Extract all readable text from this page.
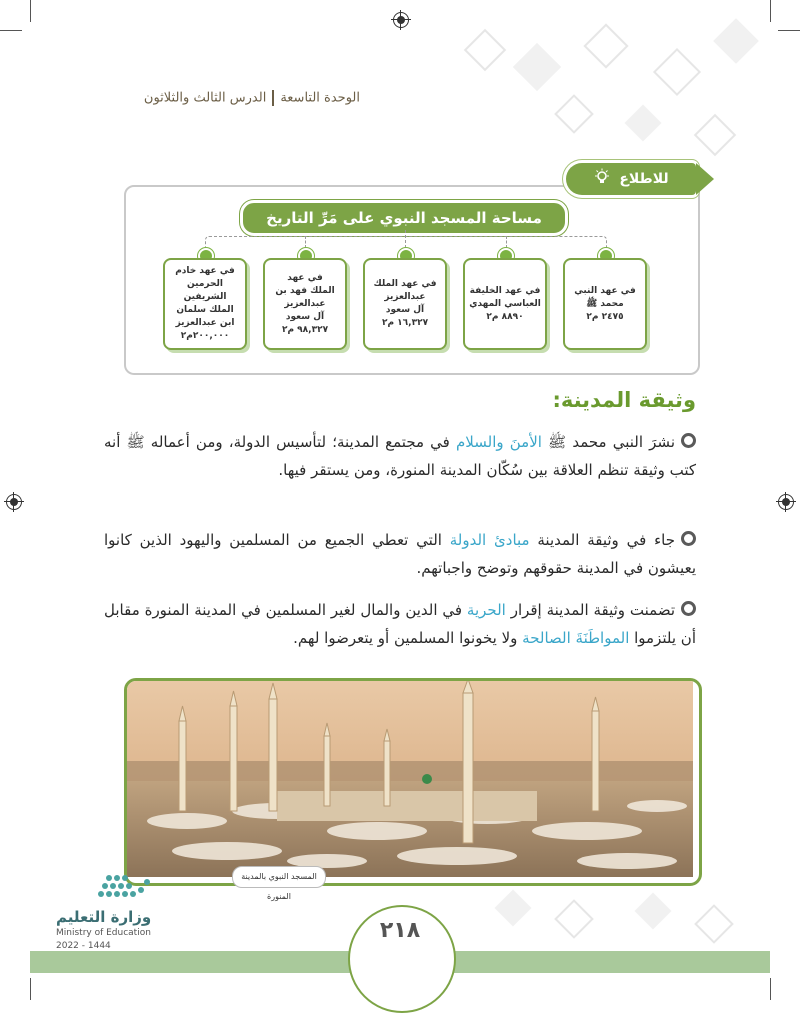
الوحدة التاسعةالدرس الثالث والثلاثون
للاطلاع
مساحة المسجد النبوي على مَرِّ التاريخ
في عهد النبي
محمد ﷺ
٢٤٧٥ م٢
في عهد الخليفة
العباسي المهدي
٨٨٩٠ م٢
في عهد الملك
عبدالعزيز
آل سعود
١٦,٣٢٧ م٢
في عهد
الملك فهد بن
عبدالعزيز
آل سعود
٩٨,٣٢٧ م٢
في عهد خادم
الحرمين الشريفين
الملك سلمان
ابن عبدالعزيز
٢٠٠,٠٠٠م٢
وثيقة المدينة:
نشرَ النبي محمد ﷺ الأمنَ والسلام في مجتمع المدينة؛ لتأسيس الدولة، ومن أعماله ﷺ أنه كتب وثيقة تنظم العلاقة بين سُكّان المدينة المنورة، ومن يستقر فيها.
جاء في وثيقة المدينة مبادئ الدولة التي تعطي الجميع من المسلمين واليهود الذين كانوا يعيشون في المدينة حقوقهم وتوضح واجباتهم.
تضمنت وثيقة المدينة إقرار الحرية في الدين والمال لغير المسلمين في المدينة المنورة مقابل أن يلتزموا المواطَنَةَ الصالحة ولا يخونوا المسلمين أو يتعرضوا لهم.
المسجد النبوي بالمدينة المنورة
٢١٨
وزارة التعليم
Ministry of Education
2022 - 1444
